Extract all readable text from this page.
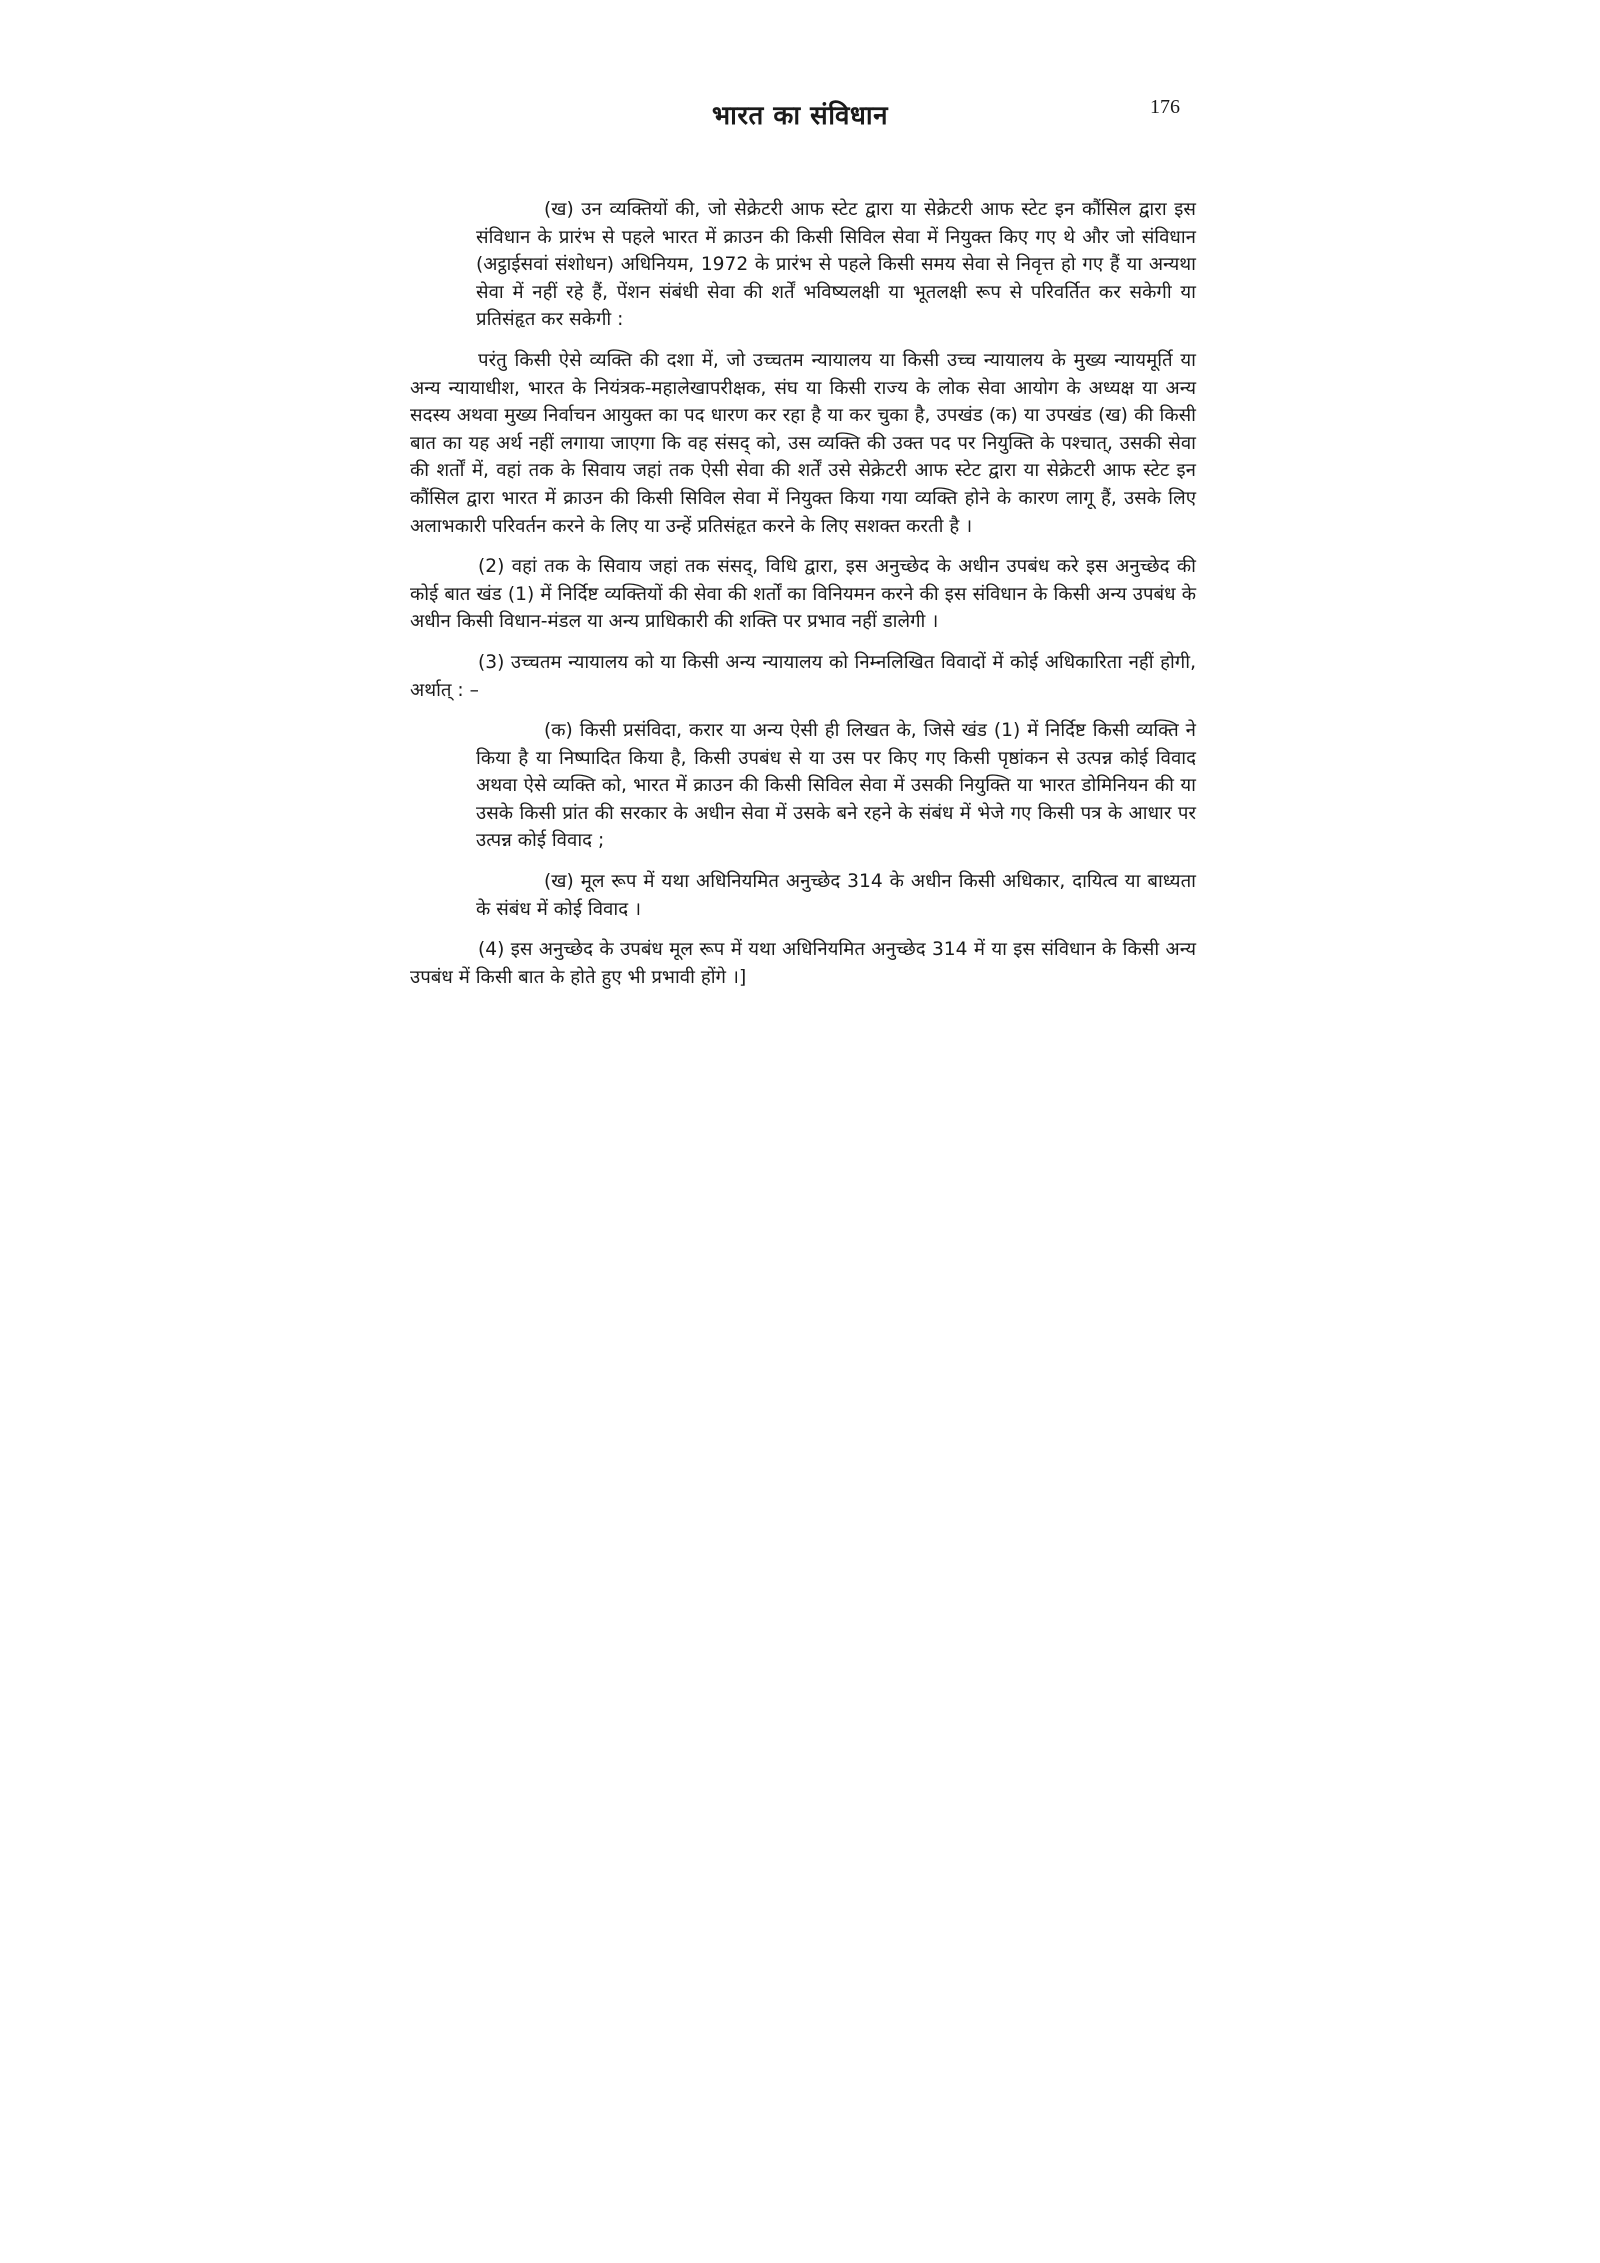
भारत का संविधान	176

(ख) उन व्यक्तियों की, जो सेक्रेटरी आफ स्टेट द्वारा या सेक्रेटरी आफ स्टेट इन कौंसिल द्वारा इस संविधान के प्रारंभ से पहले भारत में क्राउन की किसी सिविल सेवा में नियुक्त किए गए थे और जो संविधान (अट्ठाईसवां संशोधन) अधिनियम, 1972 के प्रारंभ से पहले किसी समय सेवा से निवृत्त हो गए हैं या अन्यथा सेवा में नहीं रहे हैं, पेंशन संबंधी सेवा की शर्तें भविष्यलक्षी या भूतलक्षी रूप से परिवर्तित कर सकेगी या प्रतिसंहृत कर सकेगी :

परंतु किसी ऐसे व्यक्ति की दशा में, जो उच्चतम न्यायालय या किसी उच्च न्यायालय के मुख्य न्यायमूर्ति या अन्य न्यायाधीश, भारत के नियंत्रक-महालेखापरीक्षक, संघ या किसी राज्य के लोक सेवा आयोग के अध्यक्ष या अन्य सदस्य अथवा मुख्य निर्वाचन आयुक्त का पद धारण कर रहा है या कर चुका है, उपखंड (क) या उपखंड (ख) की किसी बात का यह अर्थ नहीं लगाया जाएगा कि वह संसद् को, उस व्यक्ति की उक्त पद पर नियुक्ति के पश्चात्, उसकी सेवा की शर्तों में, वहां तक के सिवाय जहां तक ऐसी सेवा की शर्तें उसे सेक्रेटरी आफ स्टेट द्वारा या सेक्रेटरी आफ स्टेट इन कौंसिल द्वारा भारत में क्राउन की किसी सिविल सेवा में नियुक्त किया गया व्यक्ति होने के कारण लागू हैं, उसके लिए अलाभकारी परिवर्तन करने के लिए या उन्हें प्रतिसंहृत करने के लिए सशक्त करती है ।

(2) वहां तक के सिवाय जहां तक संसद्, विधि द्वारा, इस अनुच्छेद के अधीन उपबंध करे इस अनुच्छेद की कोई बात खंड (1) में निर्दिष्ट व्यक्तियों की सेवा की शर्तों का विनियमन करने की इस संविधान के किसी अन्य उपबंध के अधीन किसी विधान-मंडल या अन्य प्राधिकारी की शक्ति पर प्रभाव नहीं डालेगी ।

(3) उच्चतम न्यायालय को या किसी अन्य न्यायालय को निम्नलिखित विवादों में कोई अधिकारिता नहीं होगी, अर्थात् : –

(क) किसी प्रसंविदा, करार या अन्य ऐसी ही लिखत के, जिसे खंड (1) में निर्दिष्ट किसी व्यक्ति ने किया है या निष्पादित किया है, किसी उपबंध से या उस पर किए गए किसी पृष्ठांकन से उत्पन्न कोई विवाद अथवा ऐसे व्यक्ति को, भारत में क्राउन की किसी सिविल सेवा में उसकी नियुक्ति या भारत डोमिनियन की या उसके किसी प्रांत की सरकार के अधीन सेवा में उसके बने रहने के संबंध में भेजे गए किसी पत्र के आधार पर उत्पन्न कोई विवाद ;

(ख) मूल रूप में यथा अधिनियमित अनुच्छेद 314 के अधीन किसी अधिकार, दायित्व या बाध्यता के संबंध में कोई विवाद ।

(4) इस अनुच्छेद के उपबंध मूल रूप में यथा अधिनियमित अनुच्छेद 314 में या इस संविधान के किसी अन्य उपबंध में किसी बात के होते हुए भी प्रभावी होंगे ।]
